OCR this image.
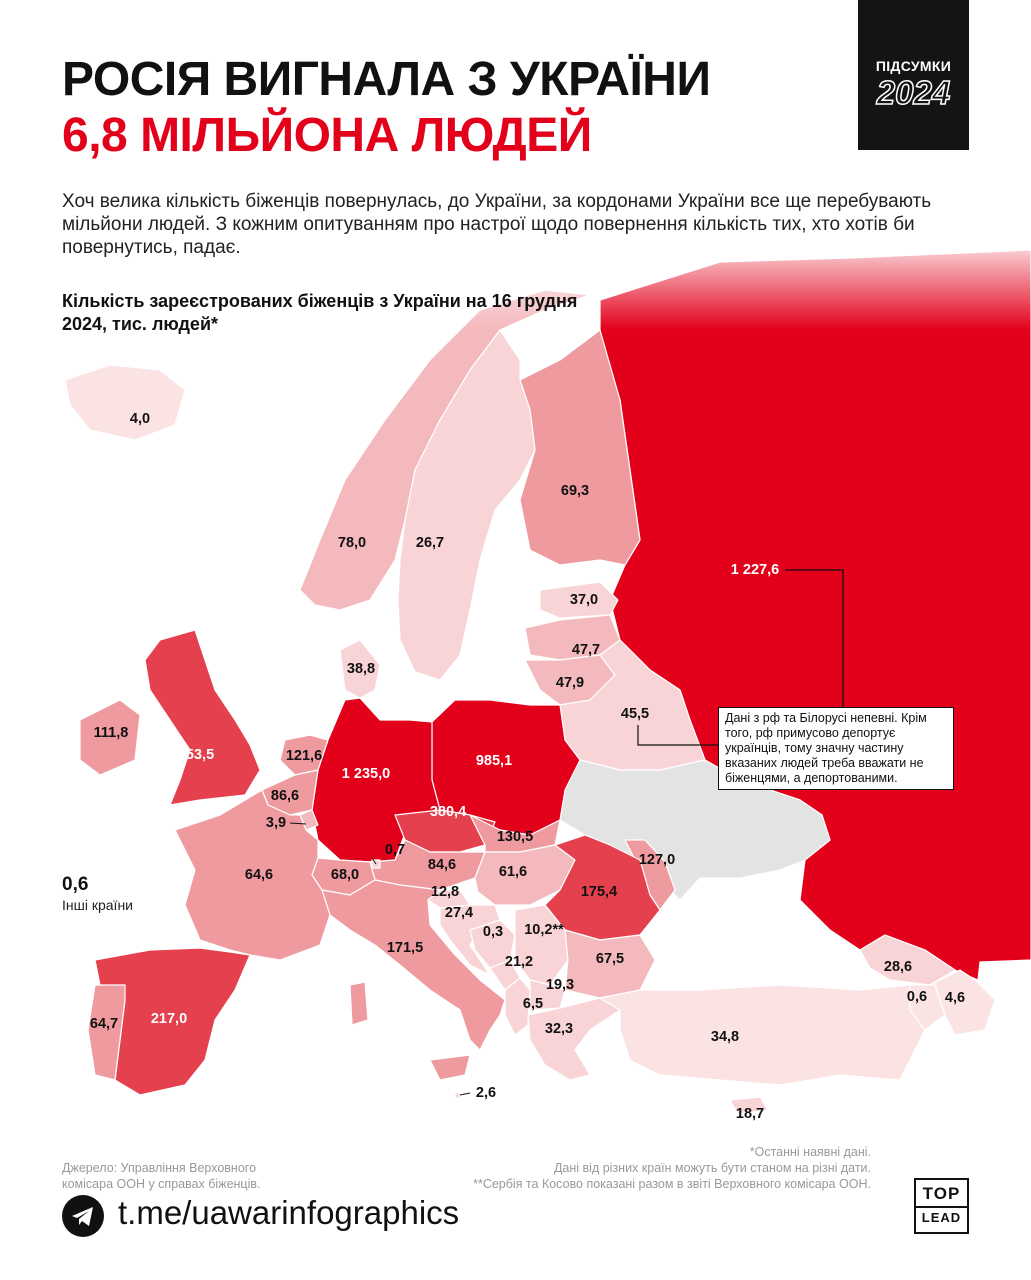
РОСІЯ ВИГНАЛА З УКРАЇНИ
6,8 МІЛЬЙОНА ЛЮДЕЙ
ПІДСУМКИ
2024
Хоч велика кількість біженців повернулась, до України, за кордонами України все ще перебувають мільйони людей. З кожним опитуванням про настрої щодо повернення кількість тих, хто хотів би повернутись, падає.
Кількість зареєстрованих біженців з України на 16 грудня 2024, тис. людей*
4,0
78,0	26,7
69,3
1 227,6
37,0
47,7
47,9
45,5
38,8
111,8
253,5	121,6
86,6
3,9
1 235,0
985,1
380,4
130,5
127,0
0,7
84,6	61,6
175,4
64,6	68,0
12,8
27,4
0,3 10,2**
171,5
21,2	67,5
19,3
6,5
32,3
2,6
217,0
64,7
34,8
18,7
28,6
0,6 4,6
0,6
Інші країни
Дані з рф та Білорусі непевні. Крім того, рф примусово депортує українців, тому значну частину вказаних людей треба вважати не біженцями, а депортованими.
Джерело: Управління Верховного
комісара ООН у справах біженців.
*Останні наявні дані.
Дані від різних країн можуть бути станом на різні дати.
**Сербія та Косово показані разом в звіті Верховного комісара ООН.
t.me/uawarinfographics
TOP
LEAD
